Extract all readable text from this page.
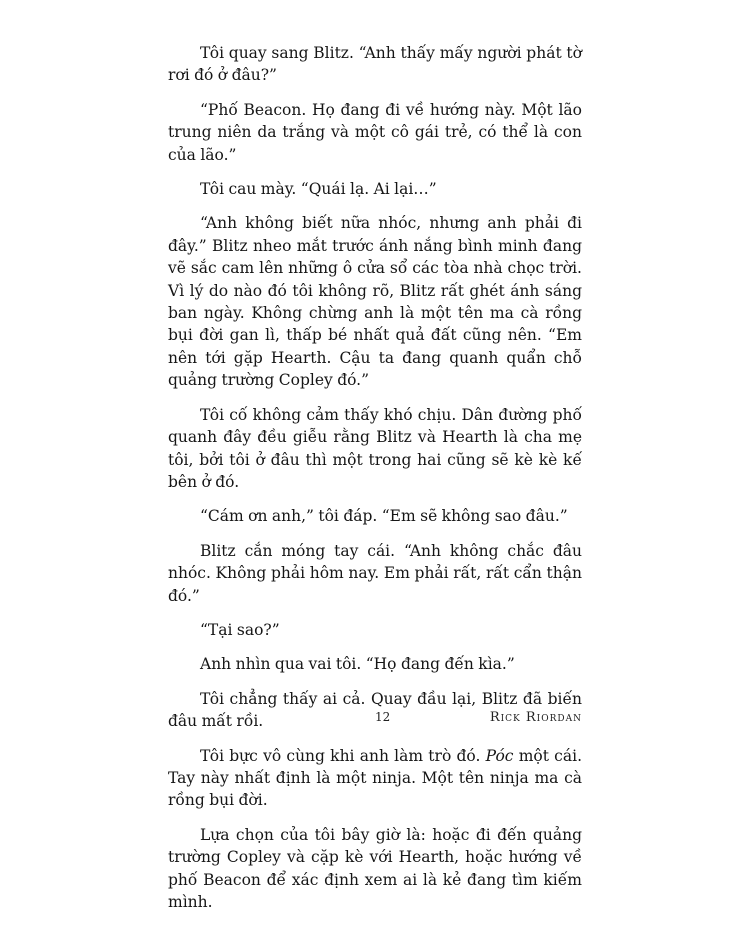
Tôi quay sang Blitz. “Anh thấy mấy người phát tờ rơi đó ở đâu?”

“Phố Beacon. Họ đang đi về hướng này. Một lão trung niên da trắng và một cô gái trẻ, có thể là con của lão.”

Tôi cau mày. “Quái lạ. Ai lại…”

“Anh không biết nữa nhóc, nhưng anh phải đi đây.” Blitz nheo mắt trước ánh nắng bình minh đang vẽ sắc cam lên những ô cửa sổ các tòa nhà chọc trời. Vì lý do nào đó tôi không rõ, Blitz rất ghét ánh sáng ban ngày. Không chừng anh là một tên ma cà rồng bụi đời gan lì, thấp bé nhất quả đất cũng nên. “Em nên tới gặp Hearth. Cậu ta đang quanh quẩn chỗ quảng trường Copley đó.”

Tôi cố không cảm thấy khó chịu. Dân đường phố quanh đây đều giễu rằng Blitz và Hearth là cha mẹ tôi, bởi tôi ở đâu thì một trong hai cũng sẽ kè kè kế bên ở đó.

“Cám ơn anh,” tôi đáp. “Em sẽ không sao đâu.”

Blitz cắn móng tay cái. “Anh không chắc đâu nhóc. Không phải hôm nay. Em phải rất, rất cẩn thận đó.”

“Tại sao?”

Anh nhìn qua vai tôi. “Họ đang đến kìa.”

Tôi chẳng thấy ai cả. Quay đầu lại, Blitz đã biến đâu mất rồi.

Tôi bực vô cùng khi anh làm trò đó. Póc một cái. Tay này nhất định là một ninja. Một tên ninja ma cà rồng bụi đời.

Lựa chọn của tôi bây giờ là: hoặc đi đến quảng trường Copley và cặp kè với Hearth, hoặc hướng về phố Beacon để xác định xem ai là kẻ đang tìm kiếm mình.

12	Rick Riordan
